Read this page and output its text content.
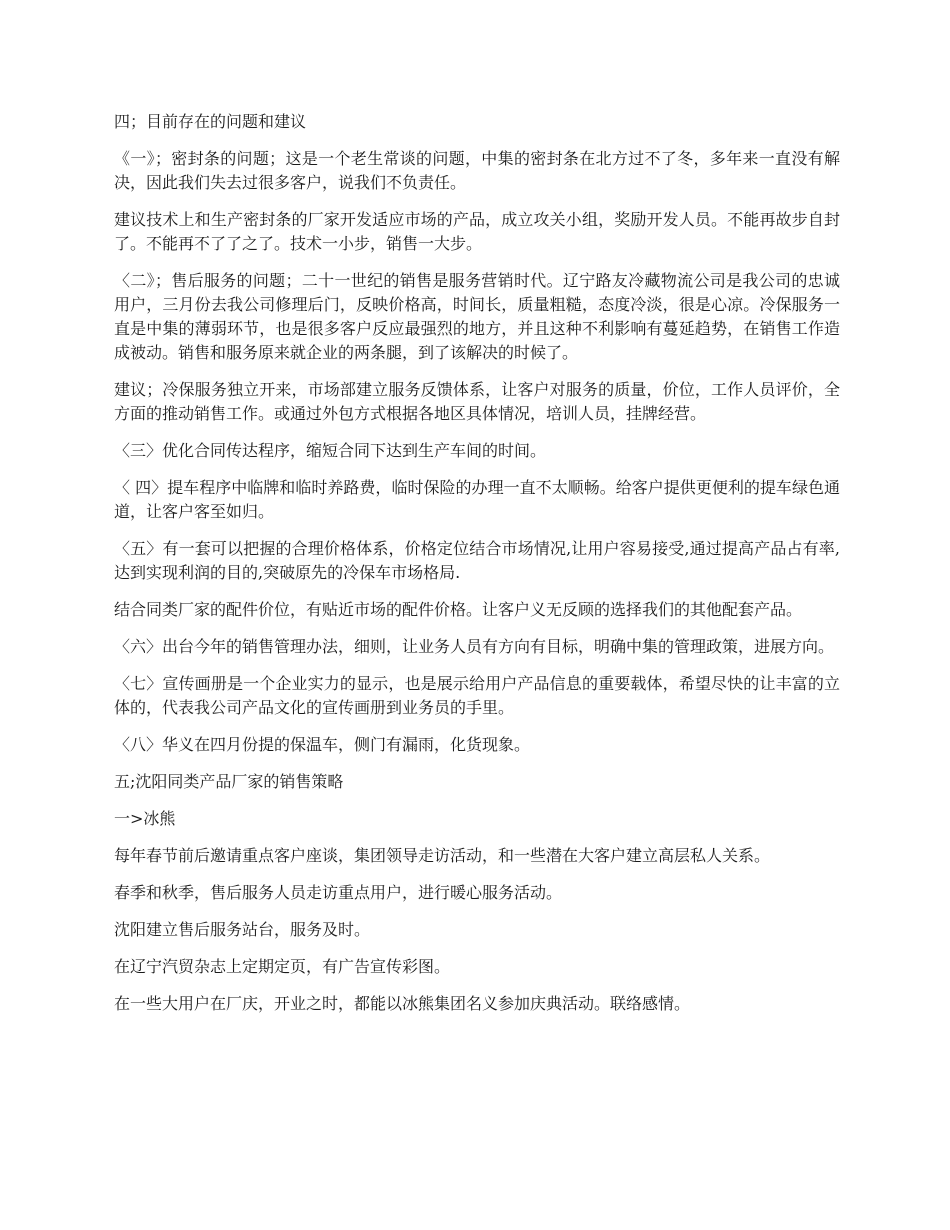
四；目前存在的问题和建议

《一》；密封条的问题；这是一个老生常谈的问题，中集的密封条在北方过不了冬，多年来一直没有解决，因此我们失去过很多客户，说我们不负责任。

建议技术上和生产密封条的厂家开发适应市场的产品，成立攻关小组，奖励开发人员。不能再故步自封了。不能再不了了之了。技术一小步，销售一大步。

〈二》；售后服务的问题；二十一世纪的销售是服务营销时代。辽宁路友冷藏物流公司是我公司的忠诚用户，三月份去我公司修理后门，反映价格高，时间长，质量粗糙，态度冷淡，很是心凉。冷保服务一直是中集的薄弱环节，也是很多客户反应最强烈的地方，并且这种不利影响有蔓延趋势，在销售工作造成被动。销售和服务原来就企业的两条腿，到了该解决的时候了。

建议；冷保服务独立开来，市场部建立服务反馈体系，让客户对服务的质量，价位，工作人员评价，全方面的推动销售工作。或通过外包方式根据各地区具体情况，培训人员，挂牌经营。

〈三〉优化合同传达程序，缩短合同下达到生产车间的时间。

〈 四〉提车程序中临牌和临时养路费，临时保险的办理一直不太顺畅。给客户提供更便利的提车绿色通道，让客户客至如归。

〈五〉有一套可以把握的合理价格体系，价格定位结合市场情况,让用户容易接受,通过提高产品占有率,达到实现利润的目的,突破原先的冷保车市场格局.

结合同类厂家的配件价位，有贴近市场的配件价格。让客户义无反顾的选择我们的其他配套产品。

〈六〉出台今年的销售管理办法，细则，让业务人员有方向有目标，明确中集的管理政策，进展方向。

〈七〉宣传画册是一个企业实力的显示，也是展示给用户产品信息的重要载体，希望尽快的让丰富的立体的，代表我公司产品文化的宣传画册到业务员的手里。

〈八〉华义在四月份提的保温车，侧门有漏雨，化货现象。

五;沈阳同类产品厂家的销售策略

一>冰熊

每年春节前后邀请重点客户座谈，集团领导走访活动，和一些潜在大客户建立高层私人关系。

春季和秋季，售后服务人员走访重点用户，进行暖心服务活动。

沈阳建立售后服务站台，服务及时。

在辽宁汽贸杂志上定期定页，有广告宣传彩图。

在一些大用户在厂庆，开业之时，都能以冰熊集团名义参加庆典活动。联络感情。
